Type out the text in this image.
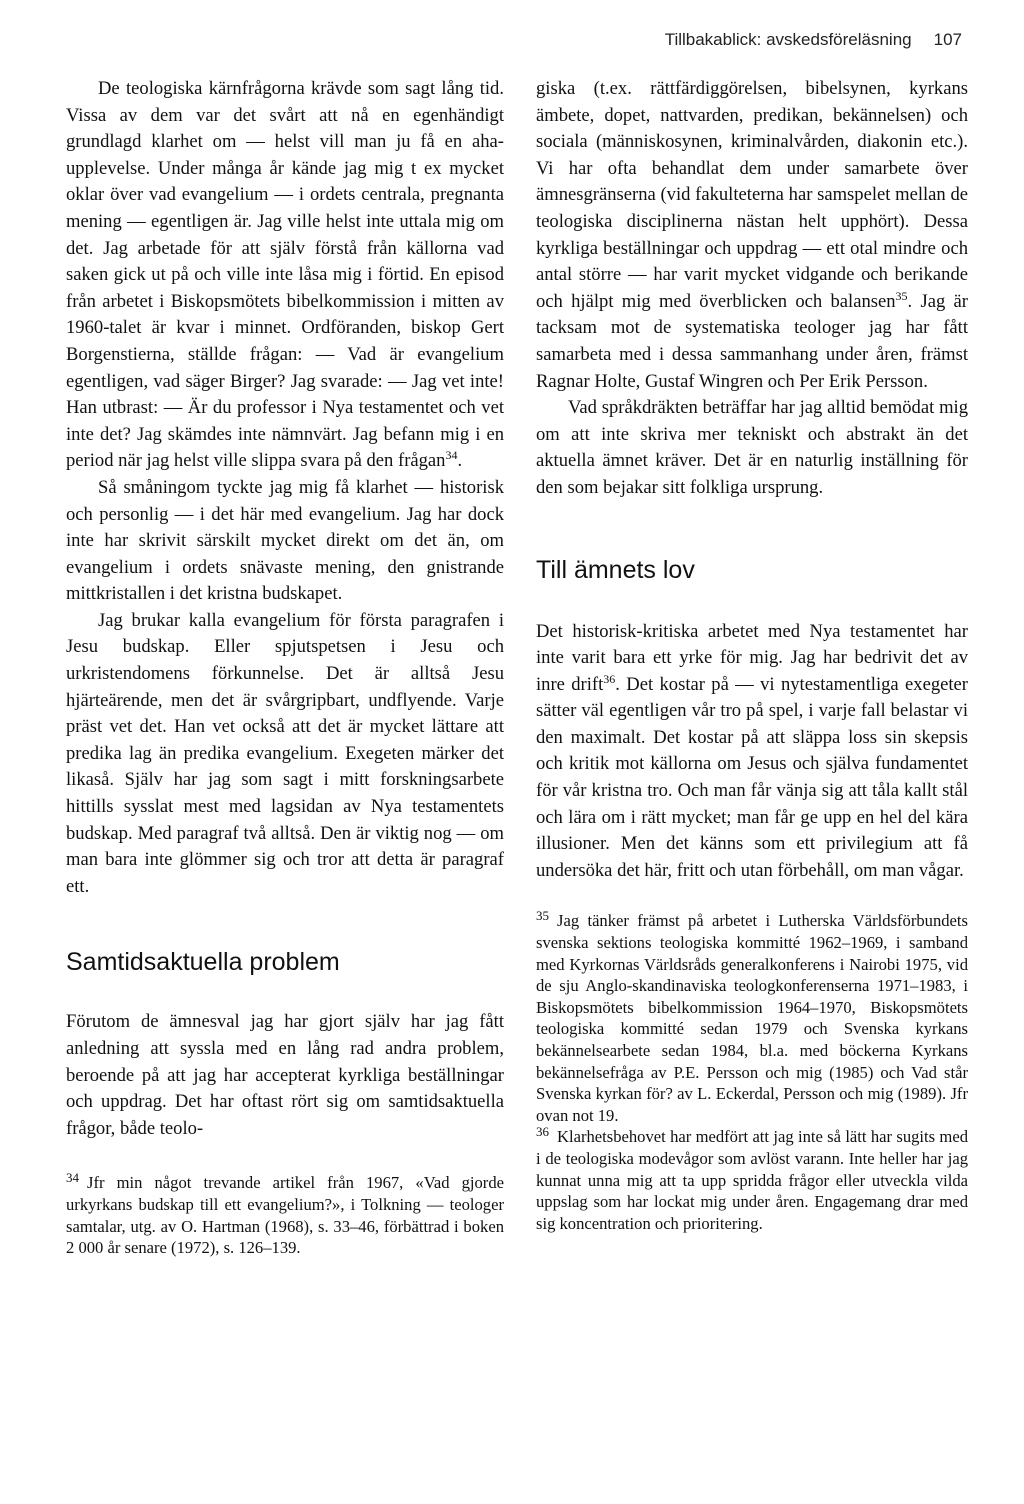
Tillbakablick: avskedsföreläsning 107

De teologiska kärnfrågorna krävde som sagt lång tid. Vissa av dem var det svårt att nå en egenhändigt grundlagd klarhet om — helst vill man ju få en aha-upplevelse. Under många år kände jag mig t ex mycket oklar över vad evangelium — i ordets centrala, pregnanta mening — egentligen är. Jag ville helst inte uttala mig om det. Jag arbetade för att själv förstå från källorna vad saken gick ut på och ville inte låsa mig i förtid. En episod från arbetet i Biskopsmötets bibelkommission i mitten av 1960-talet är kvar i minnet. Ordföranden, biskop Gert Borgenstierna, ställde frågan: — Vad är evangelium egentligen, vad säger Birger? Jag svarade: — Jag vet inte! Han utbrast: — Är du professor i Nya testamentet och vet inte det? Jag skämdes inte nämnvärt. Jag befann mig i en period när jag helst ville slippa svara på den frågan$^{34}$.

Så småningom tyckte jag mig få klarhet — historisk och personlig — i det här med evangelium. Jag har dock inte har skrivit särskilt mycket direkt om det än, om evangelium i ordets snävaste mening, den gnistrande mittkristallen i det kristna budskapet.

Jag brukar kalla evangelium för första paragrafen i Jesu budskap. Eller spjutspetsen i Jesu och urkristendomens förkunnelse. Det är alltså Jesu hjärteärende, men det är svårgripbart, undflyende. Varje präst vet det. Han vet också att det är mycket lättare att predika lag än predika evangelium. Exegeten märker det likaså. Själv har jag som sagt i mitt forskningsarbete hittills sysslat mest med lagsidan av Nya testamentets budskap. Med paragraf två alltså. Den är viktig nog — om man bara inte glömmer sig och tror att detta är paragraf ett.

Samtidsaktuella problem

Förutom de ämnesval jag har gjort själv har jag fått anledning att syssla med en lång rad andra problem, beroende på att jag har accepterat kyrkliga beställningar och uppdrag. Det har oftast rört sig om samtidsaktuella frågor, både teolo-

$^{34}$ Jfr min något trevande artikel från 1967, «Vad gjorde urkyrkans budskap till ett evangelium?», i Tolkning — teologer samtalar, utg. av O. Hartman (1968), s. 33–46, förbättrad i boken 2 000 år senare (1972), s. 126–139.

giska (t.ex. rättfärdiggörelsen, bibelsynen, kyrkans ämbete, dopet, nattvarden, predikan, bekännelsen) och sociala (människosynen, kriminalvården, diakonin etc.). Vi har ofta behandlat dem under samarbete över ämnesgränserna (vid fakulteterna har samspelet mellan de teologiska disciplinerna nästan helt upphört). Dessa kyrkliga beställningar och uppdrag — ett otal mindre och antal större — har varit mycket vidgande och berikande och hjälpt mig med överblicken och balansen$^{35}$. Jag är tacksam mot de systematiska teologer jag har fått samarbeta med i dessa sammanhang under åren, främst Ragnar Holte, Gustaf Wingren och Per Erik Persson.

Vad språkdräkten beträffar har jag alltid bemödat mig om att inte skriva mer tekniskt och abstrakt än det aktuella ämnet kräver. Det är en naturlig inställning för den som bejakar sitt folkliga ursprung.

Till ämnets lov

Det historisk-kritiska arbetet med Nya testamentet har inte varit bara ett yrke för mig. Jag har bedrivit det av inre drift$^{36}$. Det kostar på — vi nytestamentliga exegeter sätter väl egentligen vår tro på spel, i varje fall belastar vi den maximalt. Det kostar på att släppa loss sin skepsis och kritik mot källorna om Jesus och själva fundamentet för vår kristna tro. Och man får vänja sig att tåla kallt stål och lära om i rätt mycket; man får ge upp en hel del kära illusioner. Men det känns som ett privilegium att få undersöka det här, fritt och utan förbehåll, om man vågar.

$^{35}$ Jag tänker främst på arbetet i Lutherska Världsförbundets svenska sektions teologiska kommitté 1962–1969, i samband med Kyrkornas Världsråds generalkonferens i Nairobi 1975, vid de sju Anglo-skandinaviska teologkonferenserna 1971–1983, i Biskopsmötets bibelkommission 1964–1970, Biskopsmötets teologiska kommitté sedan 1979 och Svenska kyrkans bekännelsearbete sedan 1984, bl.a. med böckerna Kyrkans bekännelsefråga av P.E. Persson och mig (1985) och Vad står Svenska kyrkan för? av L. Eckerdal, Persson och mig (1989). Jfr ovan not 19.

$^{36}$ Klarhetsbehovet har medfört att jag inte så lätt har sugits med i de teologiska modevågor som avlöst varann. Inte heller har jag kunnat unna mig att ta upp spridda frågor eller utveckla vilda uppslag som har lockat mig under åren. Engagemang drar med sig koncentration och prioritering.
